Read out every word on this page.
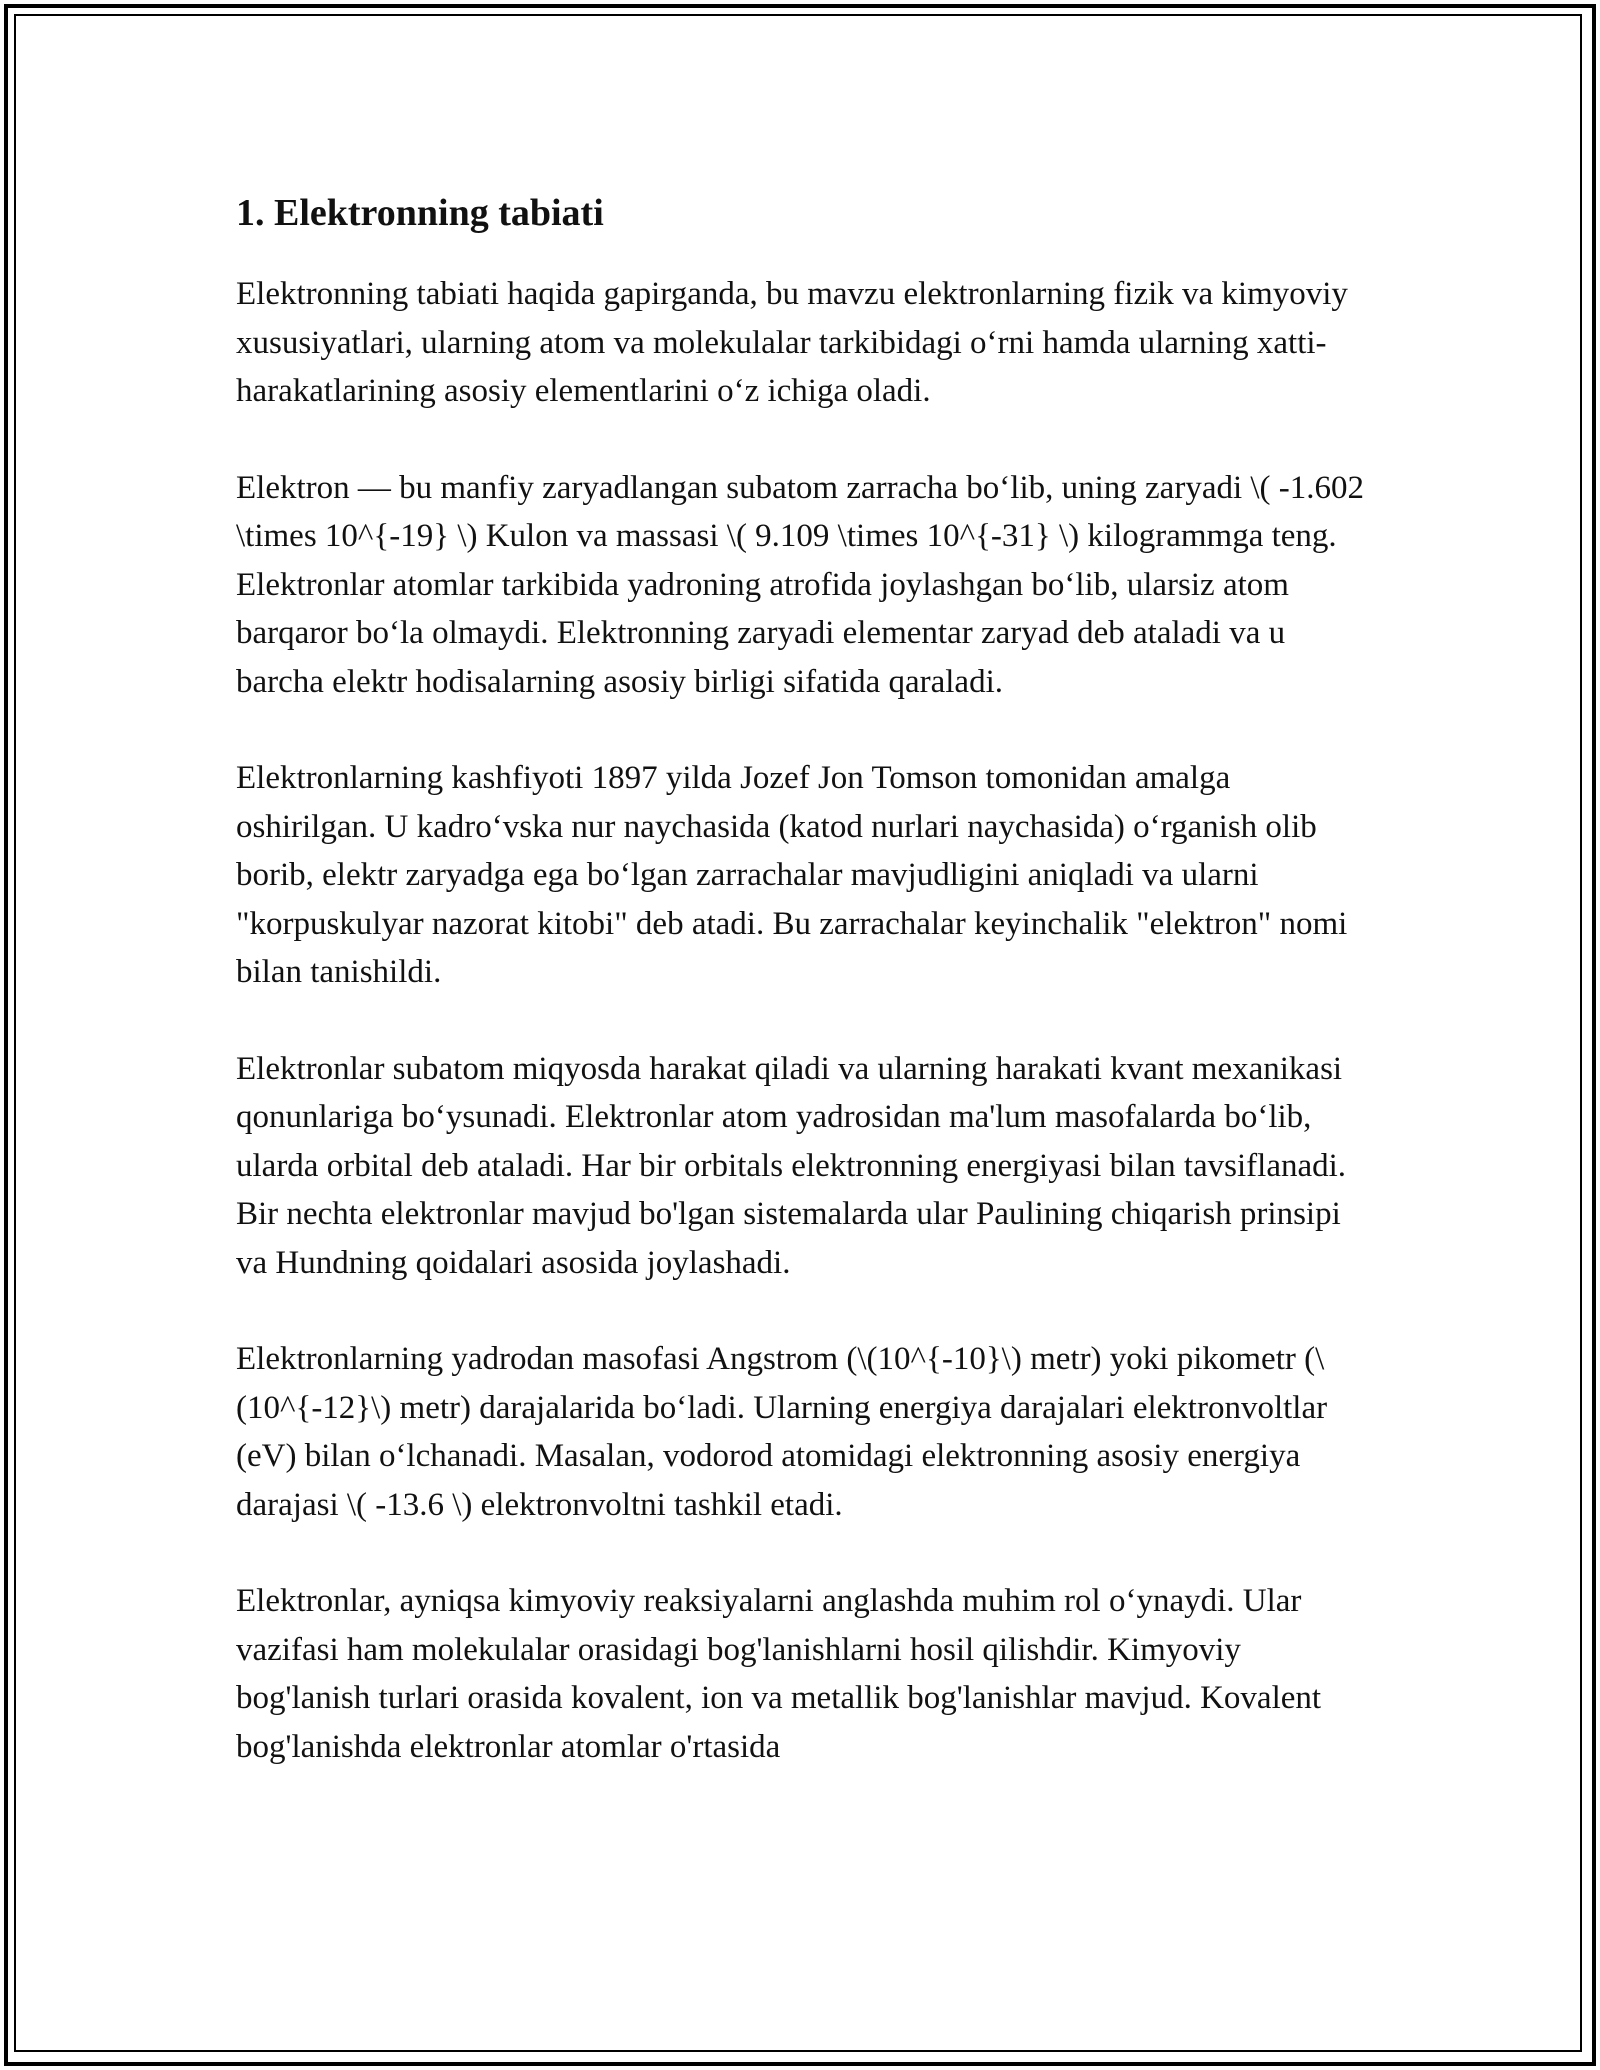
1. Elektronning tabiati

Elektronning tabiati haqida gapirganda, bu mavzu elektronlarning fizik va kimyoviy xususiyatlari, ularning atom va molekulalar tarkibidagi o‘rni hamda ularning xatti-harakatlarining asosiy elementlarini o‘z ichiga oladi.

Elektron — bu manfiy zaryadlangan subatom zarracha bo‘lib, uning zaryadi \( -1.602 \times 10^{-19} \) Kulon va massasi \( 9.109 \times 10^{-31} \) kilogrammga teng. Elektronlar atomlar tarkibida yadroning atrofida joylashgan bo‘lib, ularsiz atom barqaror bo‘la olmaydi. Elektronning zaryadi elementar zaryad deb ataladi va u barcha elektr hodisalarning asosiy birligi sifatida qaraladi.

Elektronlarning kashfiyoti 1897 yilda Jozef Jon Tomson tomonidan amalga oshirilgan. U kadro‘vska nur naychasida (katod nurlari naychasida) o‘rganish olib borib, elektr zaryadga ega bo‘lgan zarrachalar mavjudligini aniqladi va ularni "korpuskulyar nazorat kitobi" deb atadi. Bu zarrachalar keyinchalik "elektron" nomi bilan tanishildi.

Elektronlar subatom miqyosda harakat qiladi va ularning harakati kvant mexanikasi qonunlariga bo‘ysunadi. Elektronlar atom yadrosidan ma'lum masofalarda bo‘lib, ularda orbital deb ataladi. Har bir orbitals elektronning energiyasi bilan tavsiflanadi. Bir nechta elektronlar mavjud bo'lgan sistemalarda ular Paulining chiqarish prinsipi va Hundning qoidalari asosida joylashadi.

Elektronlarning yadrodan masofasi Angstrom (\(10^{-10}\) metr) yoki pikometr (\(10^{-12}\) metr) darajalarida bo‘ladi. Ularning energiya darajalari elektronvoltlar (eV) bilan o‘lchanadi. Masalan, vodorod atomidagi elektronning asosiy energiya darajasi \( -13.6 \) elektronvoltni tashkil etadi.

Elektronlar, ayniqsa kimyoviy reaksiyalarni anglashda muhim rol o‘ynaydi. Ular vazifasi ham molekulalar orasidagi bog'lanishlarni hosil qilishdir. Kimyoviy bog'lanish turlari orasida kovalent, ion va metallik bog'lanishlar mavjud. Kovalent bog'lanishda elektronlar atomlar o'rtasida
